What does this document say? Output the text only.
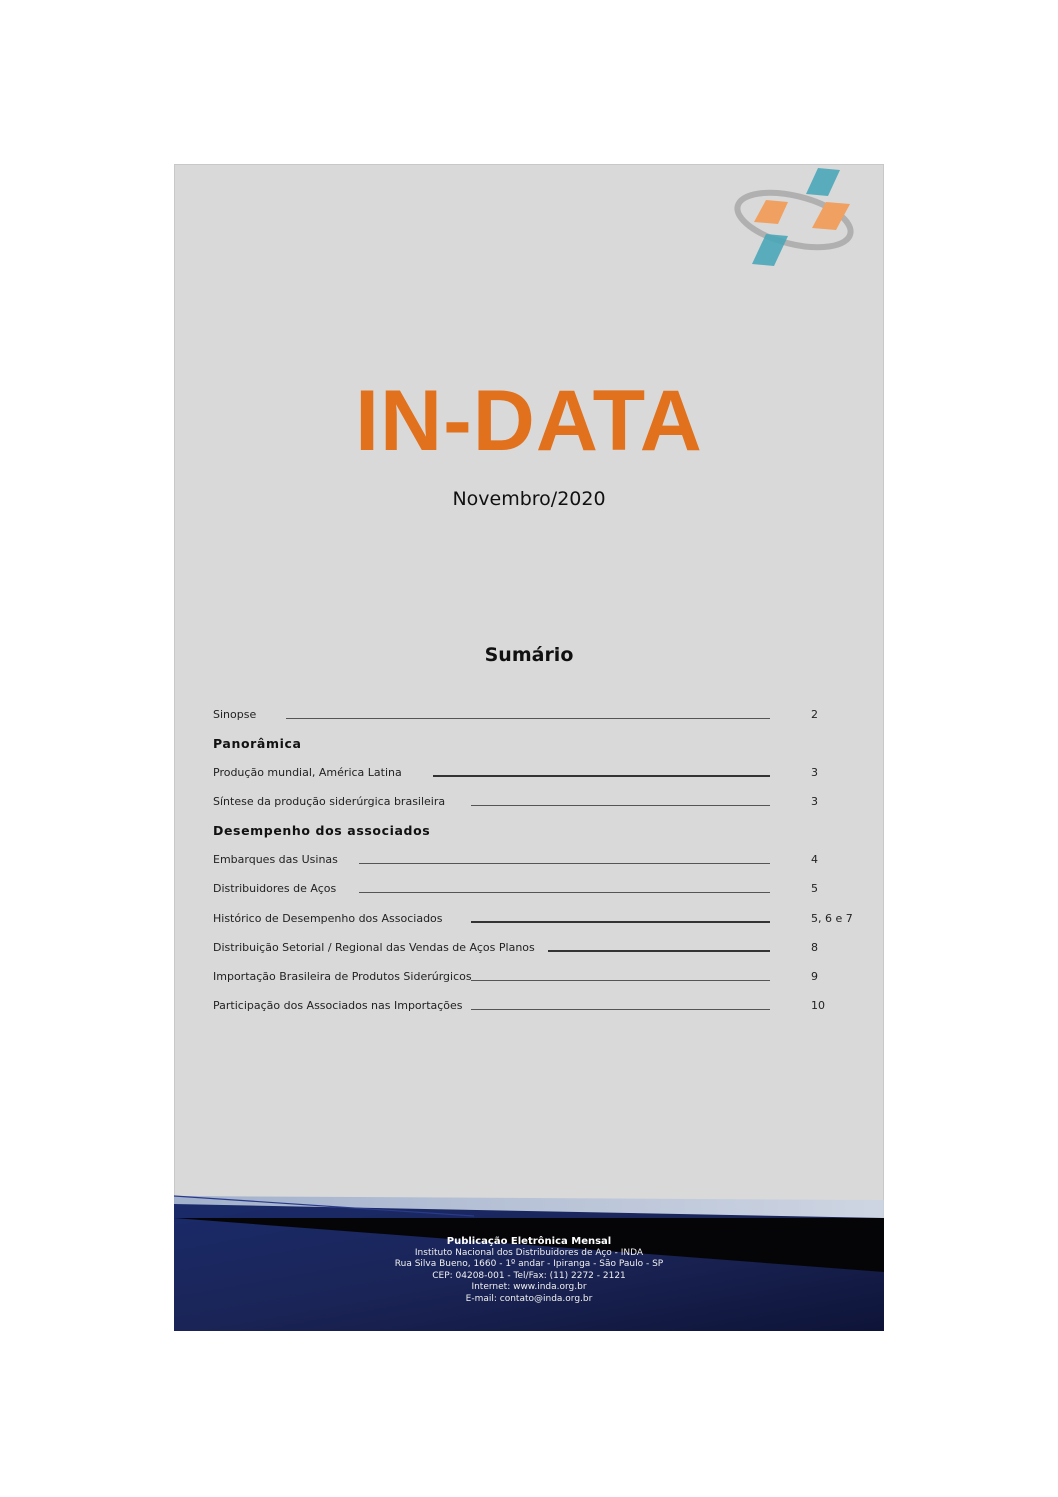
IN-DATA
Novembro/2020
Sumário
Sinopse	2
Panorâmica
Produção mundial, América Latina	3
Síntese da produção siderúrgica brasileira	3
Desempenho dos associados
Embarques das Usinas	4
Distribuidores de Aços	5
Histórico de Desempenho dos Associados	5, 6 e 7
Distribuição Setorial / Regional das Vendas de Aços Planos	8
Importação Brasileira de Produtos Siderúrgicos	9
Participação dos Associados nas Importações	10
Publicação Eletrônica Mensal
Instituto Nacional dos Distribuidores de Aço - INDA
Rua Silva Bueno, 1660 - 1º andar - Ipiranga - São Paulo - SP
CEP: 04208-001 - Tel/Fax: (11) 2272 - 2121
Internet: www.inda.org.br
E-mail: contato@inda.org.br
